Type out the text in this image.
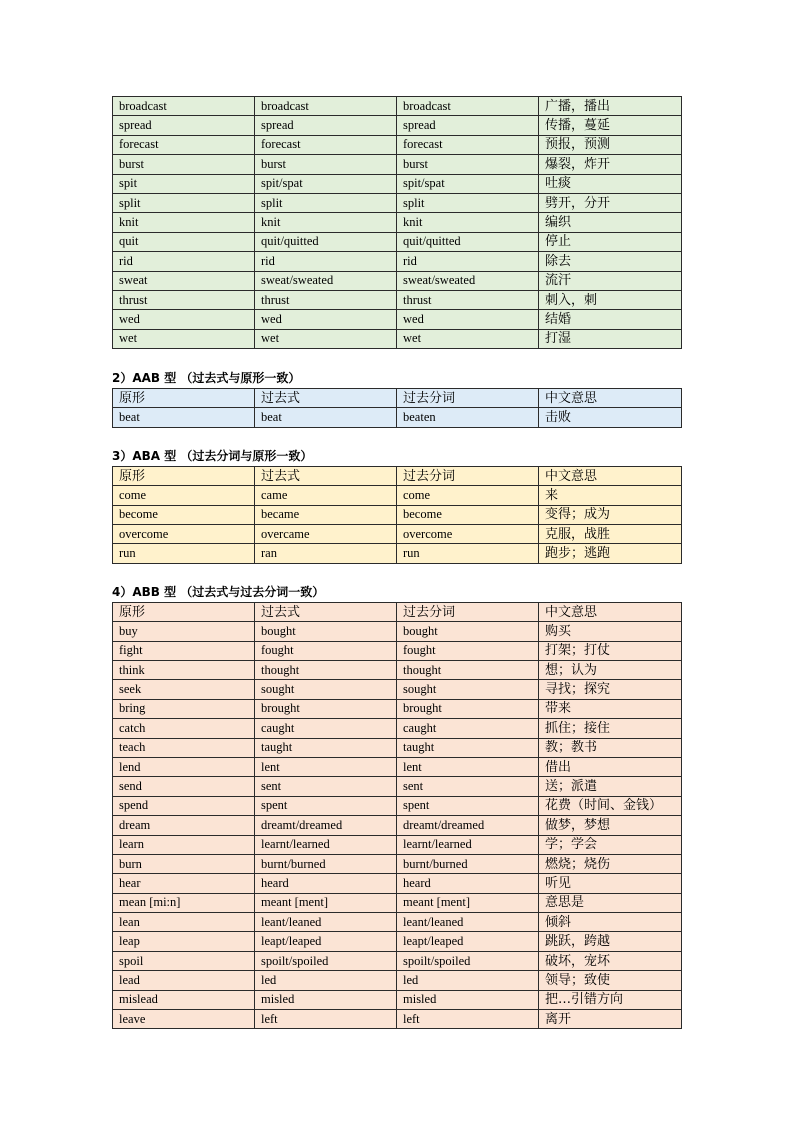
broadcast	broadcast	broadcast	广播，播出
spread	spread	spread	传播，蔓延
forecast	forecast	forecast	预报，预测
burst	burst	burst	爆裂，炸开
spit	spit/spat	spit/spat	吐痰
split	split	split	劈开，分开
knit	knit	knit	编织
quit	quit/quitted	quit/quitted	停止
rid	rid	rid	除去
sweat	sweat/sweated	sweat/sweated	流汗
thrust	thrust	thrust	刺入，刺
wed	wed	wed	结婚
wet	wet	wet	打湿
2）AAB 型 （过去式与原形一致）
原形	过去式	过去分词	中文意思
beat	beat	beaten	击败
3）ABA 型 （过去分词与原形一致）
原形	过去式	过去分词	中文意思
come	came	come	来
become	became	become	变得；成为
overcome	overcame	overcome	克服，战胜
run	ran	run	跑步；逃跑
4）ABB 型 （过去式与过去分词一致）
原形	过去式	过去分词	中文意思
buy	bought	bought	购买
fight	fought	fought	打架；打仗
think	thought	thought	想；认为
seek	sought	sought	寻找；探究
bring	brought	brought	带来
catch	caught	caught	抓住；接住
teach	taught	taught	教；教书
lend	lent	lent	借出
send	sent	sent	送；派遣
spend	spent	spent	花费（时间、金钱）
dream	dreamt/dreamed	dreamt/dreamed	做梦，梦想
learn	learnt/learned	learnt/learned	学；学会
burn	burnt/burned	burnt/burned	燃烧；烧伤
hear	heard	heard	听见
mean [mi:n]	meant [ment]	meant [ment]	意思是
lean	leant/leaned	leant/leaned	倾斜
leap	leapt/leaped	leapt/leaped	跳跃，跨越
spoil	spoilt/spoiled	spoilt/spoiled	破坏，宠坏
lead	led	led	领导；致使
mislead	misled	misled	把…引错方向
leave	left	left	离开
